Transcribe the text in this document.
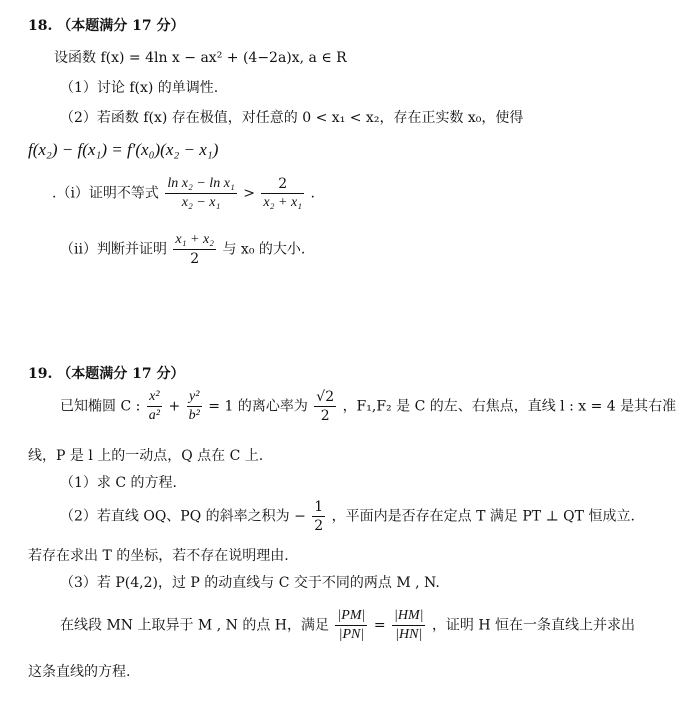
18. （本题满分 17 分）
设函数 f(x) = 4ln x − ax² + (4−2a)x, a ∈ R
（1）讨论 f(x) 的单调性.
（2）若函数 f(x) 存在极值，对任意的 0 < x₁ < x₂，存在正实数 x₀，使得
f(x₂) − f(x₁) = f′(x₀)(x₂ − x₁)
.（i）证明不等式 $\frac{\text{ln x₂ − ln x₁}}{\text{x₂ − x₁}} > \frac{2}{\text{x₂ + x₁}}$ .
（ii）判断并证明 $\frac{\text{x₁ + x₂}}{2}$ 与 x₀ 的大小.
19. （本题满分 17 分）
已知椭圆 C : $\frac{\text{x²}}{\text{a²}} + \frac{\text{y²}}{\text{b²}} = 1$ 的离心率为 $\frac{√2}{2}$ ，F₁,F₂ 是 C 的左、右焦点，直线 l : x = 4 是其右准
线，P 是 l 上的一动点，Q 点在 C 上.
（1）求 C 的方程.
（2）若直线 OQ、PQ 的斜率之积为 − $\frac{1}{2}$ ，平面内是否存在定点 T 满足 PT ⊥ QT 恒成立.
若存在求出 T 的坐标，若不存在说明理由.
（3）若 P(4,2)，过 P 的动直线与 C 交于不同的两点 M , N.
在线段 MN 上取异于 M , N 的点 H，满足 $\frac{|PM|}{|PN|} = \frac{|HM|}{|HN|}$ ，证明 H 恒在一条直线上并求出
这条直线的方程.
